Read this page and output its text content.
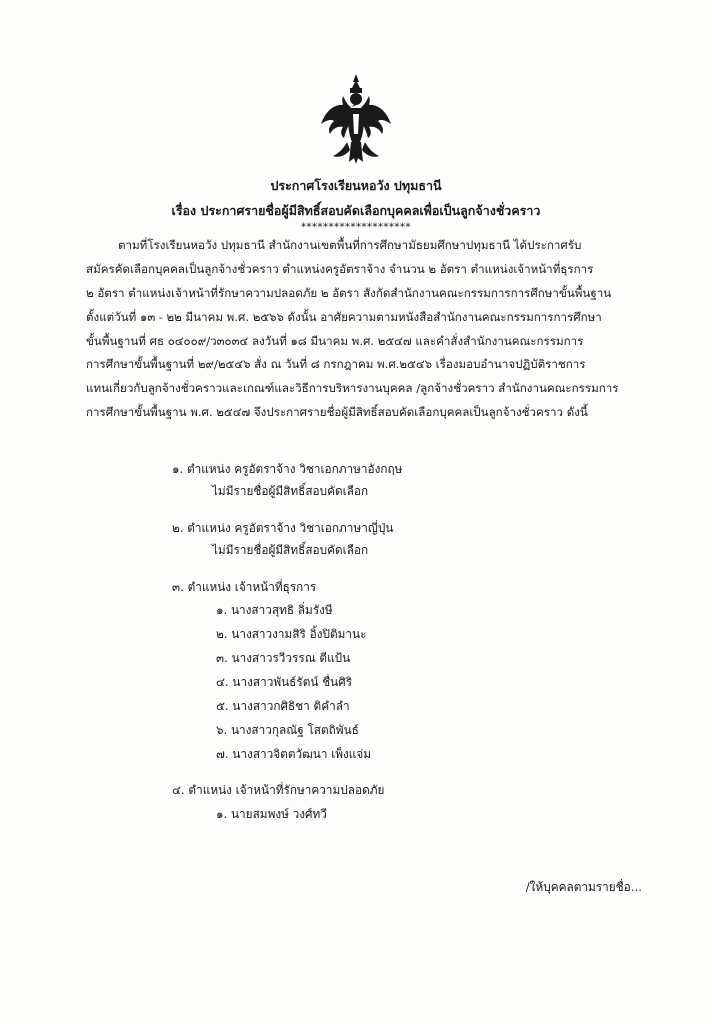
ประกาศโรงเรียนหอวัง ปทุมธานี
เรื่อง ประกาศรายชื่อผู้มีสิทธิ์สอบคัดเลือกบุคคลเพื่อเป็นลูกจ้างชั่วคราว
********************
ตามที่โรงเรียนหอวัง ปทุมธานี สำนักงานเขตพื้นที่การศึกษามัธยมศึกษาปทุมธานี ได้ประกาศรับ
สมัครคัดเลือกบุคคลเป็นลูกจ้างชั่วคราว ตำแหน่งครูอัตราจ้าง จำนวน ๒ อัตรา ตำแหน่งเจ้าหน้าที่ธุรการ
๒ อัตรา ตำแหน่งเจ้าหน้าที่รักษาความปลอดภัย ๒ อัตรา สังกัดสำนักงานคณะกรรมการการศึกษาขั้นพื้นฐาน
ตั้งแต่วันที่ ๑๓ - ๒๒ มีนาคม พ.ศ. ๒๕๖๖ ดังนั้น อาศัยความตามหนังสือสำนักงานคณะกรรมการการศึกษา
ขั้นพื้นฐานที่ ศธ ๐๔๐๐๙/ว๓๐๓๔ ลงวันที่ ๑๘ มีนาคม พ.ศ. ๒๕๔๗ และคำสั่งสำนักงานคณะกรรมการ
การศึกษาขั้นพื้นฐานที่ ๒๙/๒๕๔๖ สั่ง ณ วันที่ ๘ กรกฎาคม พ.ศ.๒๕๔๖ เรื่องมอบอำนาจปฏิบัติราชการ
แทนเกี่ยวกับลูกจ้างชั่วคราวและเกณฑ์และวิธีการบริหารงานบุคคล /ลูกจ้างชั่วคราว สำนักงานคณะกรรมการ
การศึกษาขั้นพื้นฐาน พ.ศ. ๒๕๔๗ จึงประกาศรายชื่อผู้มีสิทธิ์สอบคัดเลือกบุคคลเป็นลูกจ้างชั่วคราว ดังนี้
๑. ตำแหน่ง ครูอัตราจ้าง วิชาเอกภาษาอังกฤษ
ไม่มีรายชื่อผู้มีสิทธิ์สอบคัดเลือก
๒. ตำแหน่ง ครูอัตราจ้าง วิชาเอกภาษาญี่ปุ่น
ไม่มีรายชื่อผู้มีสิทธิ์สอบคัดเลือก
๓. ตำแหน่ง เจ้าหน้าที่ธุรการ
๑. นางสาวสุทธิ ลิ่มรังษี
๒. นางสาวงามสิริ อิ้งปิติมานะ
๓. นางสาวรวีวรรณ ตีแป้น
๔. นางสาวพันธ์รัตน์ ชื่นศิริ
๕. นางสาวกศิธิชา ติคำลำ
๖. นางสาวกุลณัฐ โสตถิพันธ์
๗. นางสาวจิตตวัฒนา เพ็งแจ่ม
๔. ตำแหน่ง เจ้าหน้าที่รักษาความปลอดภัย
๑. นายสมพงษ์ วงศ์ทวี
/ให้บุคคลตามรายชื่อ...
